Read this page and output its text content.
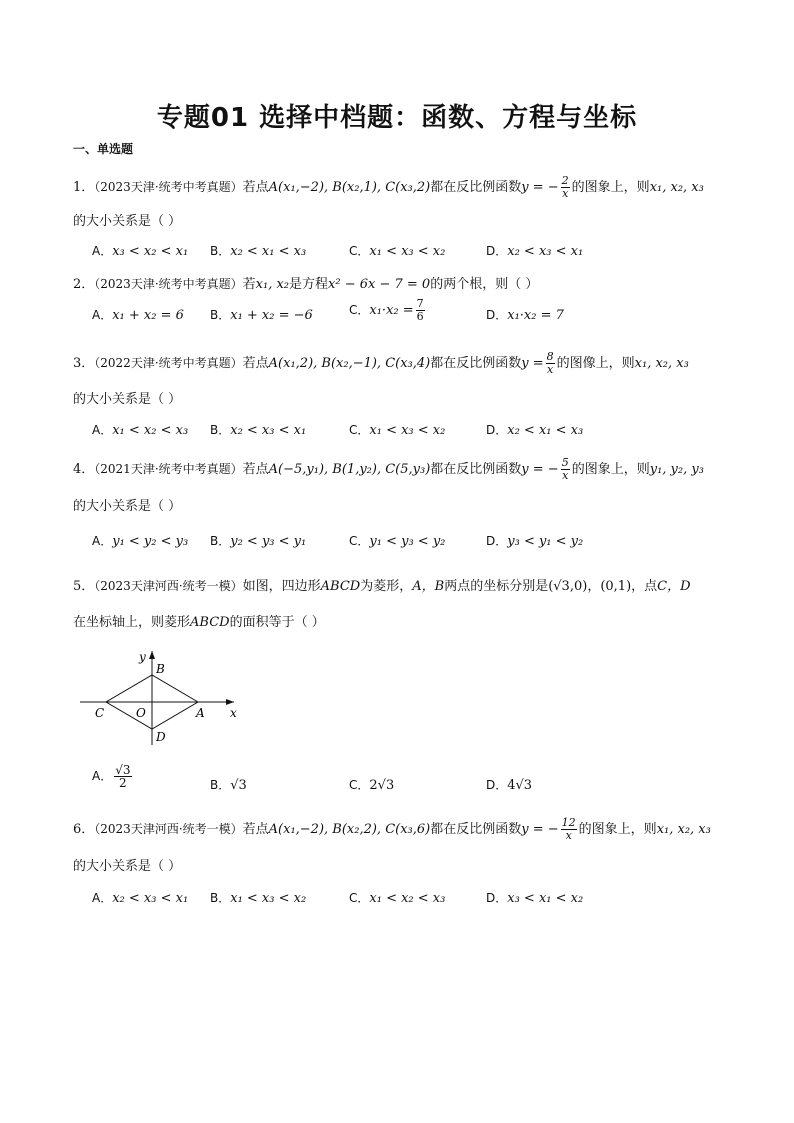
专题01 选择中档题：函数、方程与坐标
一、单选题
1．（2023天津·统考中考真题）若点A(x₁,−2), B(x₂,1), C(x₃,2)都在反比例函数y = − $\frac{2}{x}$ 的图象上，则x₁, x₂, x₃
的大小关系是（ ）
A．x₃ < x₂ < x₁ B．x₂ < x₁ < x₃	C．x₁ < x₃ < x₂	D．x₂ < x₃ < x₁
2．（2023天津·统考中考真题）若x₁, x₂是方程x² − 6x − 7 = 0的两个根，则（ ）
A．x₁ + x₂ = 6 B．x₁ + x₂ = −6	C．$x_1\cdot x_2 = \frac{7}{6}$	D．x₁·x₂ = 7
3．（2022天津·统考中考真题）若点A(x₁,2), B(x₂,−1), C(x₃,4)都在反比例函数$y = \frac{8}{x}$ 的图像上，则x₁, x₂, x₃
的大小关系是（ ）
A．x₁ < x₂ < x₃ B．x₂ < x₃ < x₁	C．x₁ < x₃ < x₂	D．x₂ < x₁ < x₃
4．（2021天津·统考中考真题）若点A(−5,y₁), B(1,y₂), C(5,y₃)都在反比例函数y = − $\frac{5}{x}$ 的图象上，则y₁, y₂, y₃
的大小关系是（ ）
A．y₁ < y₂ < y₃ B．y₂ < y₃ < y₁	C．y₁ < y₃ < y₂	D．y₃ < y₁ < y₂
5．（2023天津河西·统考一模）如图，四边形ABCD为菱形，A，B两点的坐标分别是(√3,0)，(0,1)，点C，D
在坐标轴上，则菱形ABCD的面积等于（ ）
y
x
B
A
C
D
O
A． $\frac{√3}{2}$	B．√3	C．2√3	D．4√3
6．（2023天津河西·统考一模）若点A(x₁,−2), B(x₂,2), C(x₃,6)都在反比例函数y = − $\frac{12}{x}$ 的图象上，则x₁, x₂, x₃
的大小关系是（ ）
A．x₂ < x₃ < x₁ B．x₁ < x₃ < x₂	C．x₁ < x₂ < x₃	D．x₃ < x₁ < x₂
